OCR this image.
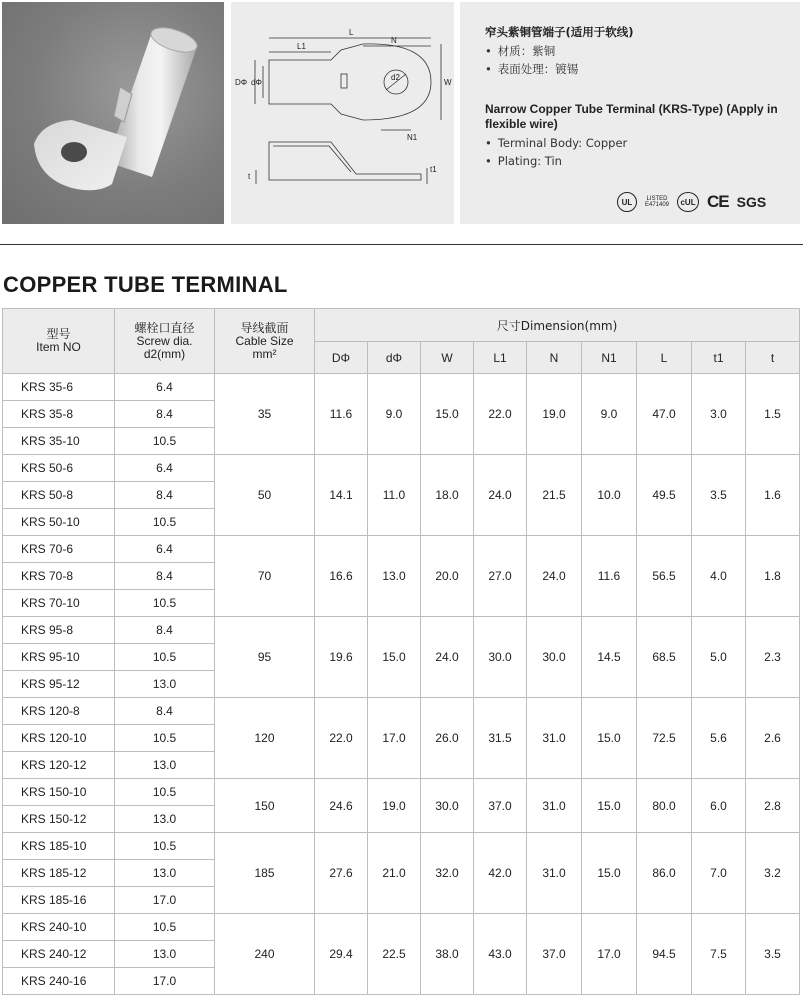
L
L1
N
DΦ dΦ
d2
W
N1
t
t1
窄头紫铜管端子(适用于软线)
• 材质：紫铜
• 表面处理：镀锡
Narrow Copper Tube Terminal (KRS-Type) (Apply in flexible wire)
• Terminal Body: Copper
• Plating: Tin
UL	LISTED
E471409	cUL CE SGS
COPPER TUBE TERMINAL
型号
Item NO	螺栓口直径
Screw dia.
d2(mm)	导线截面
Cable Size
mm²	尺寸Dimension(mm)								
			DΦ	dΦ	W	L1	N	N1	L	t1	t
KRS 35-6	6.4	35	11.6	9.0	15.0	22.0	19.0	9.0	47.0	3.0	1.5
KRS 35-8	8.4										
KRS 35-10	10.5										
KRS 50-6	6.4	50	14.1	11.0	18.0	24.0	21.5	10.0	49.5	3.5	1.6
KRS 50-8	8.4										
KRS 50-10	10.5										
KRS 70-6	6.4	70	16.6	13.0	20.0	27.0	24.0	11.6	56.5	4.0	1.8
KRS 70-8	8.4										
KRS 70-10	10.5										
KRS 95-8	8.4	95	19.6	15.0	24.0	30.0	30.0	14.5	68.5	5.0	2.3
KRS 95-10	10.5										
KRS 95-12	13.0										
KRS 120-8	8.4	120	22.0	17.0	26.0	31.5	31.0	15.0	72.5	5.6	2.6
KRS 120-10	10.5										
KRS 120-12	13.0										
KRS 150-10	10.5	150	24.6	19.0	30.0	37.0	31.0	15.0	80.0	6.0	2.8
KRS 150-12	13.0										
KRS 185-10	10.5	185	27.6	21.0	32.0	42.0	31.0	15.0	86.0	7.0	3.2
KRS 185-12	13.0										
KRS 185-16	17.0										
KRS 240-10	10.5	240	29.4	22.5	38.0	43.0	37.0	17.0	94.5	7.5	3.5
KRS 240-12	13.0										
KRS 240-16	17.0										
